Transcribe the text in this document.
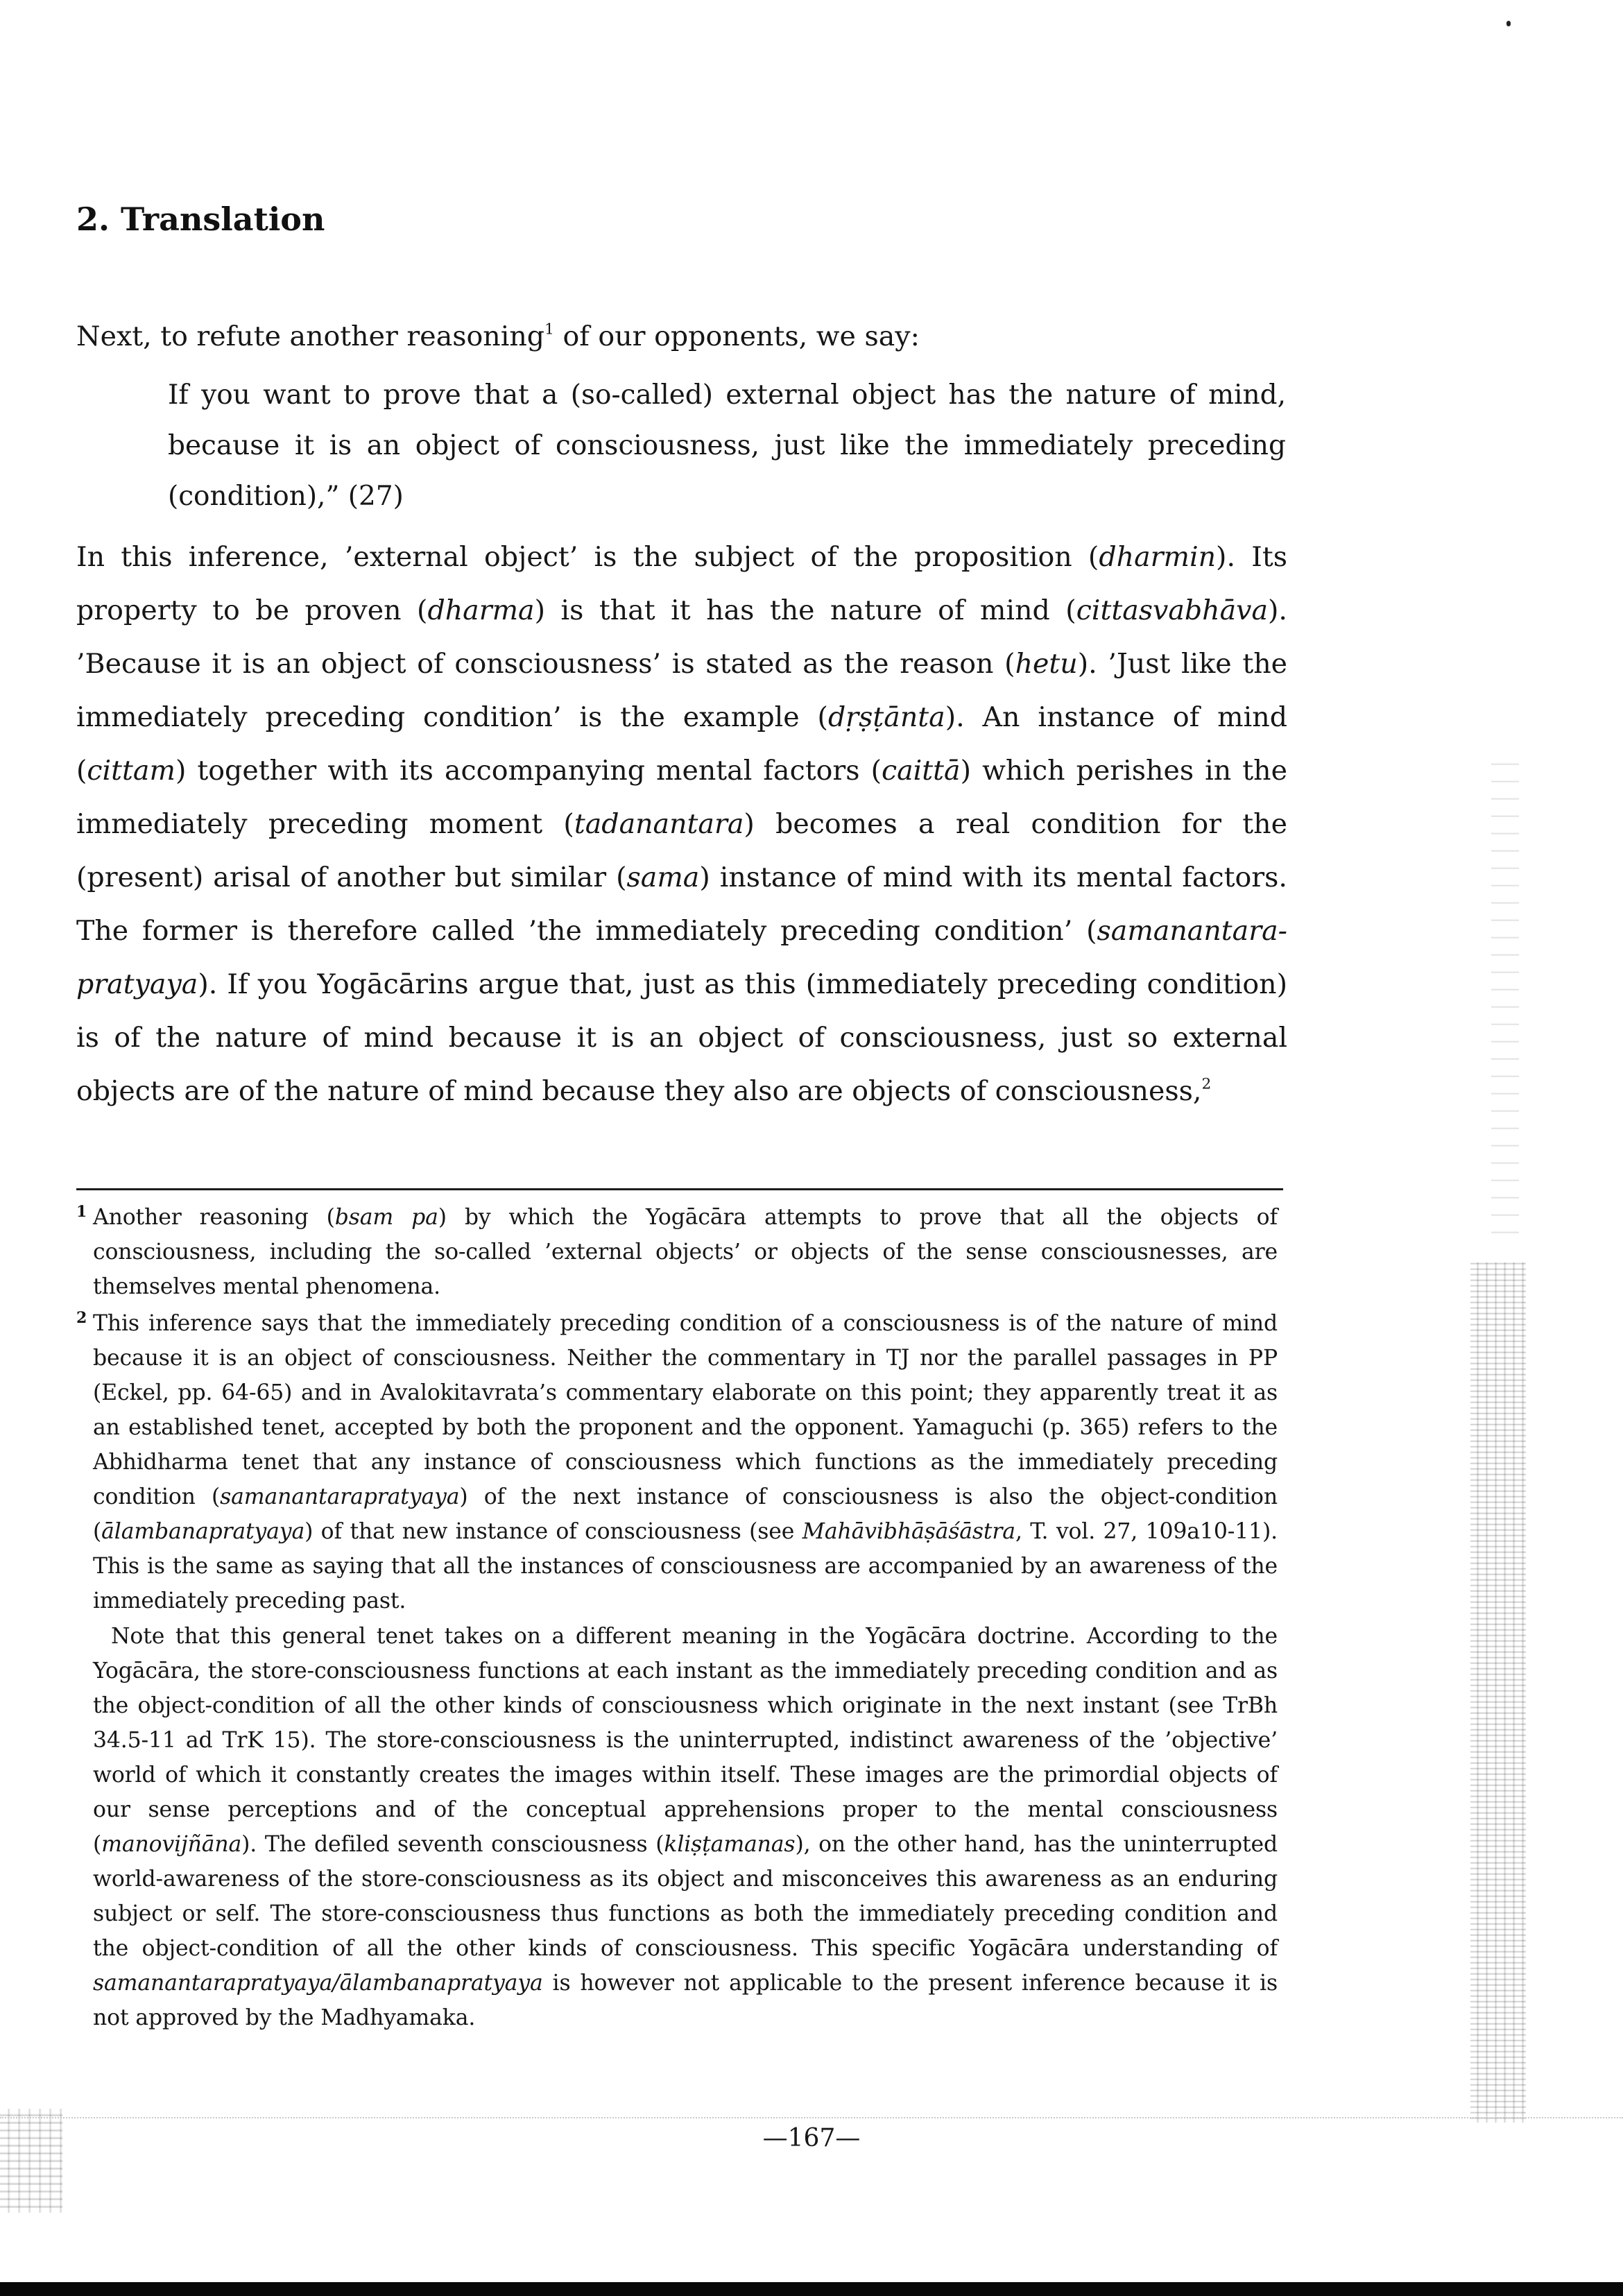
2. Translation

Next, to refute another reasoning$^1$ of our opponents, we say:

If you want to prove that a (so-called) external object has the nature of mind, because it is an object of consciousness, just like the immediately preceding (condition),” (27)

In this inference, ’external object’ is the subject of the proposition (dharmin). Its property to be proven (dharma) is that it has the nature of mind (cittasvabhāva). ’Because it is an object of consciousness’ is stated as the reason (hetu). ’Just like the immediately preceding condition’ is the example (dṛṣṭānta). An instance of mind (cittam) together with its accompanying mental factors (caittā) which perishes in the immediately preceding moment (tadanantara) becomes a real condition for the (present) arisal of another but similar (sama) instance of mind with its mental factors. The former is therefore called ’the immediately preceding condition’ (samanantara-pratyaya). If you Yogācārins argue that, just as this (immediately preceding condition) is of the nature of mind because it is an object of consciousness, just so external objects are of the nature of mind because they also are objects of consciousness,$^2$

1 Another reasoning (bsam pa) by which the Yogācāra attempts to prove that all the objects of consciousness, including the so-called ’external objects’ or objects of the sense consciousnesses, are themselves mental phenomena.

2 This inference says that the immediately preceding condition of a consciousness is of the nature of mind because it is an object of consciousness. Neither the commentary in TJ nor the parallel passages in PP (Eckel, pp. 64-65) and in Avalokitavrata’s commentary elaborate on this point; they apparently treat it as an established tenet, accepted by both the proponent and the opponent. Yamaguchi (p. 365) refers to the Abhidharma tenet that any instance of consciousness which functions as the immediately preceding condition (samanantarapratyaya) of the next instance of consciousness is also the object-condition (ālambanapratyaya) of that new instance of consciousness (see Mahāvibhāṣāśāstra, T. vol. 27, 109a10-11). This is the same as saying that all the instances of consciousness are accompanied by an awareness of the immediately preceding past.

Note that this general tenet takes on a different meaning in the Yogācāra doctrine. According to the Yogācāra, the store-consciousness functions at each instant as the immediately preceding condition and as the object-condition of all the other kinds of consciousness which originate in the next instant (see TrBh 34.5-11 ad TrK 15). The store-consciousness is the uninterrupted, indistinct awareness of the ’objective’ world of which it constantly creates the images within itself. These images are the primordial objects of our sense perceptions and of the conceptual apprehensions proper to the mental consciousness (manovijñāna). The defiled seventh consciousness (kliṣṭamanas), on the other hand, has the uninterrupted world-awareness of the store-consciousness as its object and misconceives this awareness as an enduring subject or self. The store-consciousness thus functions as both the immediately preceding condition and the object-condition of all the other kinds of consciousness. This specific Yogācāra understanding of samanantarapratyaya/ālambanapratyaya is however not applicable to the present inference because it is not approved by the Madhyamaka.

—167—
